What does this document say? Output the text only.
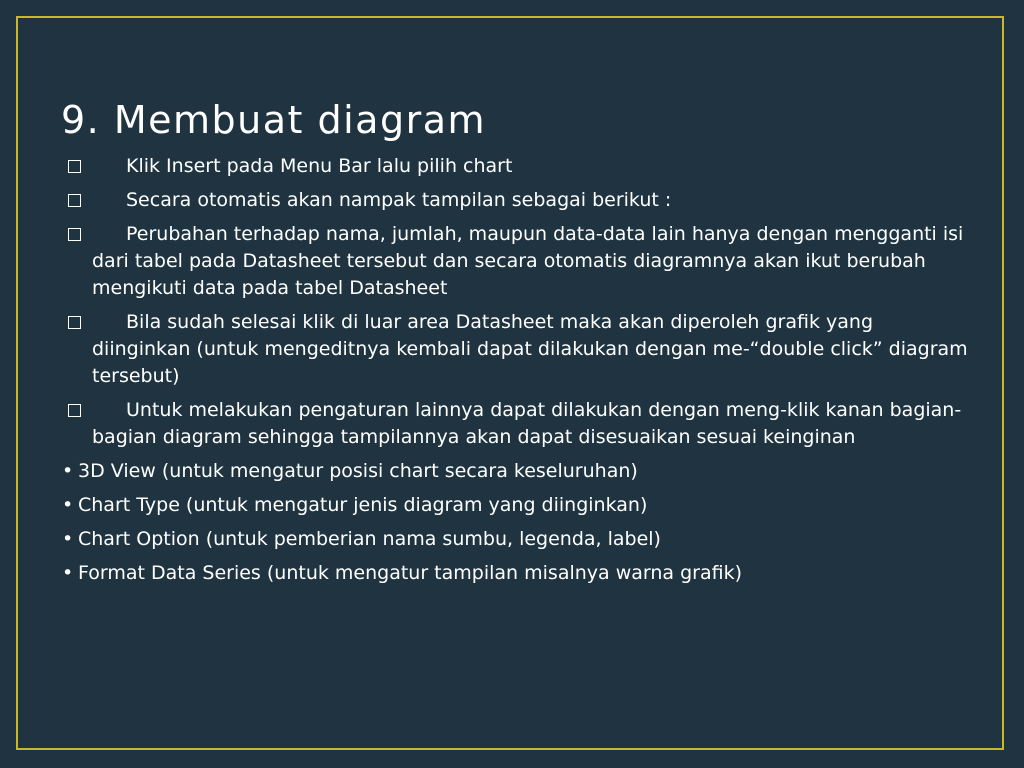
9. Membuat diagram
Klik Insert pada Menu Bar lalu pilih chart
Secara otomatis akan nampak tampilan sebagai berikut :
Perubahan terhadap nama, jumlah, maupun data-data lain hanya dengan mengganti isi dari tabel pada Datasheet tersebut dan secara otomatis diagramnya akan ikut berubah mengikuti data pada tabel Datasheet
Bila sudah selesai klik di luar area Datasheet maka akan diperoleh grafik yang diinginkan (untuk mengeditnya kembali dapat dilakukan dengan me-“double click” diagram tersebut)
Untuk melakukan pengaturan lainnya dapat dilakukan dengan meng-klik kanan bagian-bagian diagram sehingga tampilannya akan dapat disesuaikan sesuai keinginan
• 3D View (untuk mengatur posisi chart secara keseluruhan)
• Chart Type (untuk mengatur jenis diagram yang diinginkan)
• Chart Option (untuk pemberian nama sumbu, legenda, label)
• Format Data Series (untuk mengatur tampilan misalnya warna grafik)
